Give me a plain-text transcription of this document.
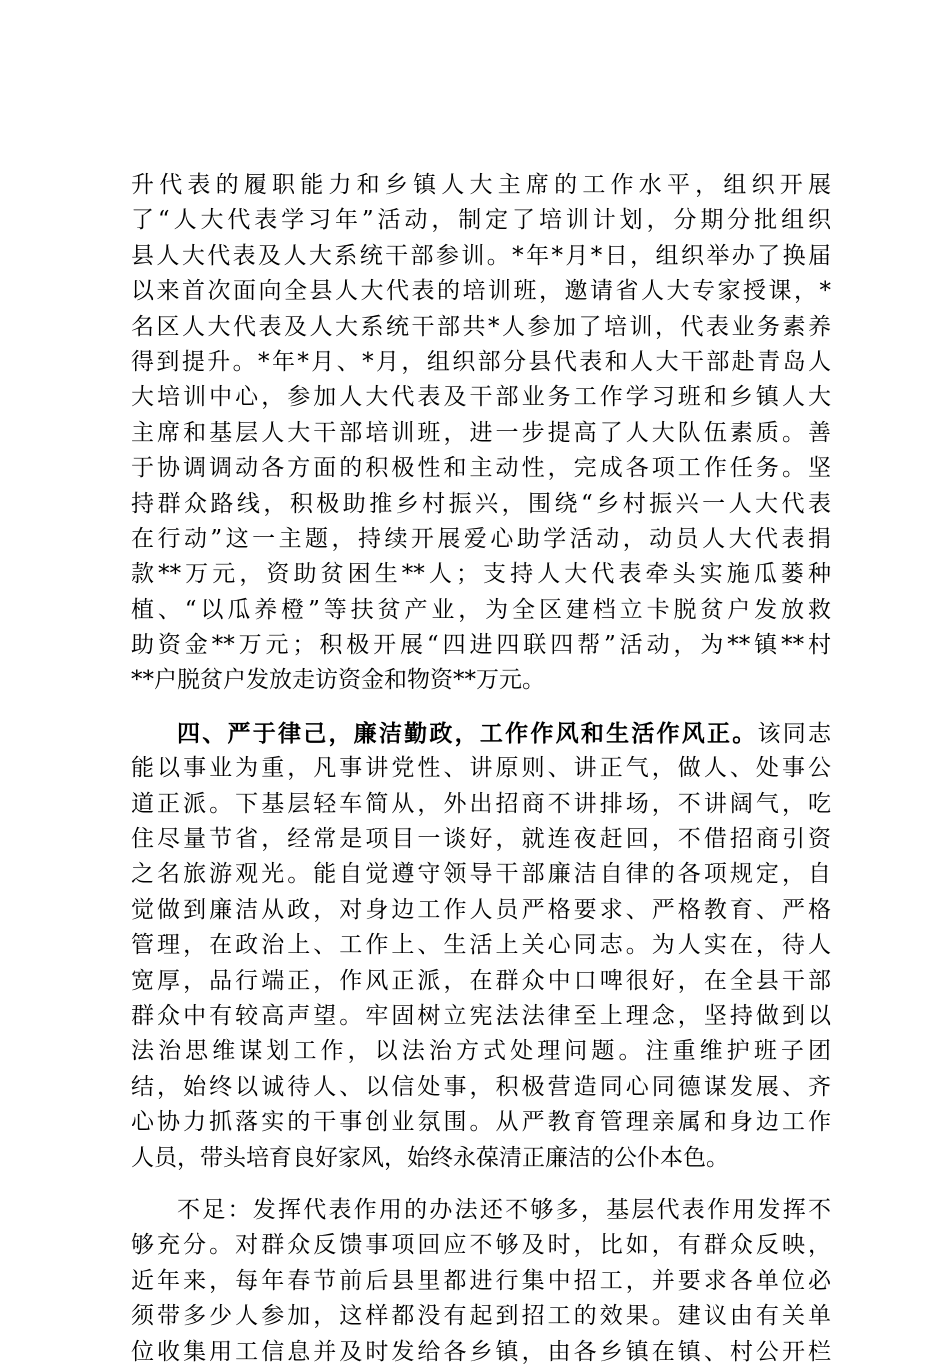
升代表的履职能力和乡镇人大主席的工作水平，组织开展
了“人大代表学习年”活动，制定了培训计划，分期分批组织
县人大代表及人大系统干部参训。*年*月*日，组织举办了换届
以来首次面向全县人大代表的培训班，邀请省人大专家授课，*
名区人大代表及人大系统干部共*人参加了培训，代表业务素养
得到提升。*年*月、*月，组织部分县代表和人大干部赴青岛人
大培训中心，参加人大代表及干部业务工作学习班和乡镇人大
主席和基层人大干部培训班，进一步提高了人大队伍素质。善
于协调调动各方面的积极性和主动性，完成各项工作任务。坚
持群众路线，积极助推乡村振兴，围绕“乡村振兴一人大代表
在行动”这一主题，持续开展爱心助学活动，动员人大代表捐
款**万元，资助贫困生**人；支持人大代表牵头实施瓜蒌种
植、“以瓜养橙”等扶贫产业，为全区建档立卡脱贫户发放救
助资金**万元；积极开展“四进四联四帮”活动，为**镇**村
**户脱贫户发放走访资金和物资**万元。
四、严于律己，廉洁勤政，工作作风和生活作风正。该同志
能以事业为重，凡事讲党性、讲原则、讲正气，做人、处事公
道正派。下基层轻车简从，外出招商不讲排场，不讲阔气，吃
住尽量节省，经常是项目一谈好，就连夜赶回，不借招商引资
之名旅游观光。能自觉遵守领导干部廉洁自律的各项规定，自
觉做到廉洁从政，对身边工作人员严格要求、严格教育、严格
管理，在政治上、工作上、生活上关心同志。为人实在，待人
宽厚，品行端正，作风正派，在群众中口啤很好，在全县干部
群众中有较高声望。牢固树立宪法法律至上理念，坚持做到以
法治思维谋划工作，以法治方式处理问题。注重维护班子团
结，始终以诚待人、以信处事，积极营造同心同德谋发展、齐
心协力抓落实的干事创业氛围。从严教育管理亲属和身边工作
人员，带头培育良好家风，始终永葆清正廉洁的公仆本色。
不足：发挥代表作用的办法还不够多，基层代表作用发挥不
够充分。对群众反馈事项回应不够及时，比如，有群众反映，
近年来，每年春节前后县里都进行集中招工，并要求各单位必
须带多少人参加，这样都没有起到招工的效果。建议由有关单
位收集用工信息并及时发给各乡镇，由各乡镇在镇、村公开栏
